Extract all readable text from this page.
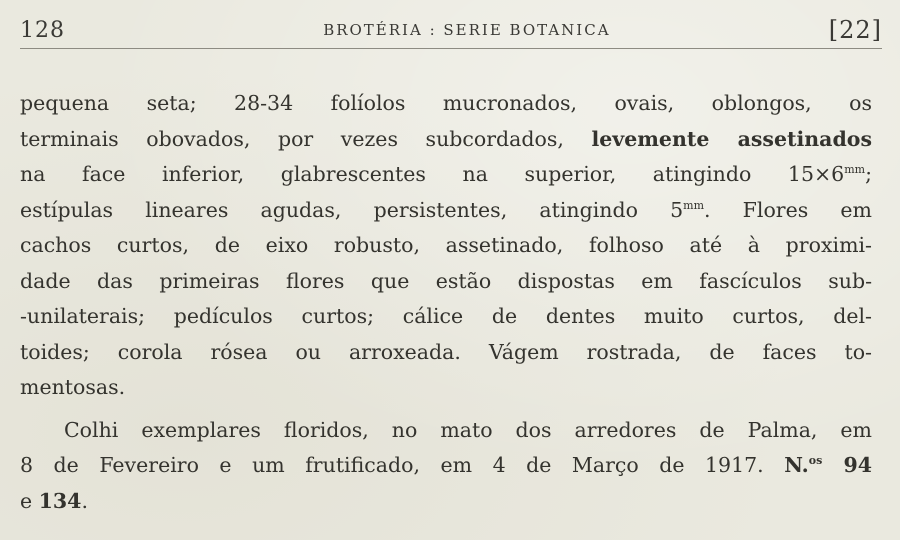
128	BROTÉRIA : SERIE BOTANICA	[22]
pequena seta; 28-34 folíolos mucronados, ovais, oblongos, os
terminais obovados, por vezes subcordados, levemente assetinados
na face inferior, glabrescentes na superior, atingindo $15\times 6^{mm}$;
estípulas lineares agudas, persistentes, atingindo $5^{mm}$. Flores em
cachos curtos, de eixo robusto, assetinado, folhoso até à proximi-
dade das primeiras flores que estão dispostas em fascículos sub-
-unilaterais; pedículos curtos; cálice de dentes muito curtos, del-
toides; corola rósea ou arroxeada. Vágem rostrada, de faces to-
mentosas.
Colhi exemplares floridos, no mato dos arredores de Palma, em
8 de Fevereiro e um frutificado, em 4 de Março de 1917. N.$^{os}$ 94
e 134.
